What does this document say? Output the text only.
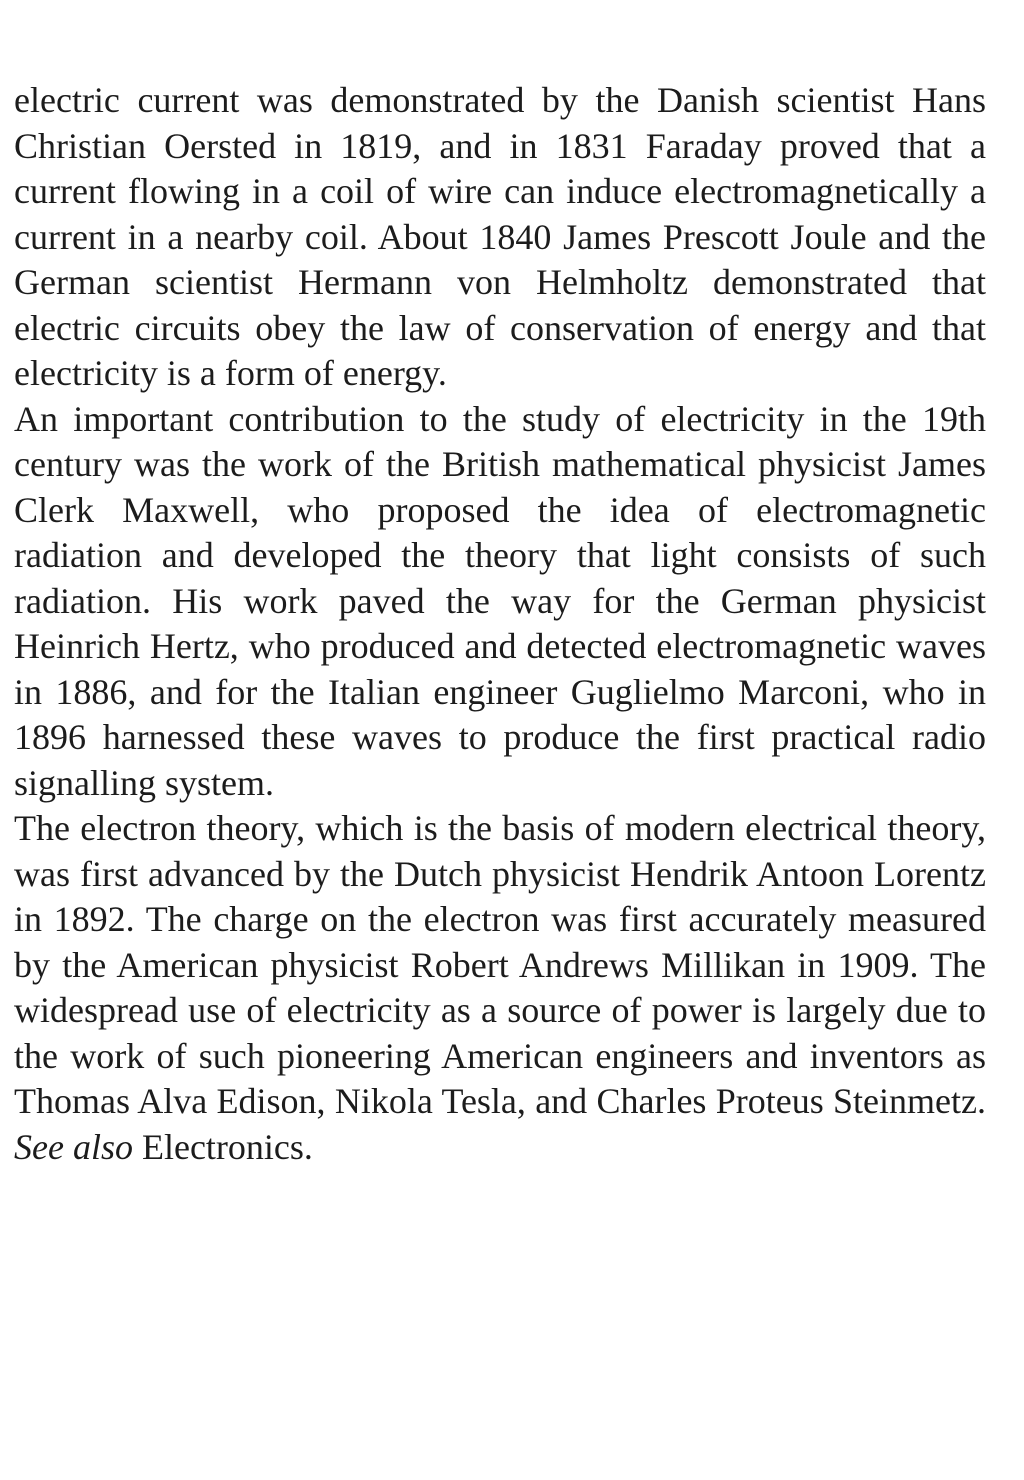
electric current was demonstrated by the Danish scientist Hans Christian Oersted in 1819, and in 1831 Faraday proved that a current flowing in a coil of wire can induce electromagnetically a current in a nearby coil. About 1840 James Prescott Joule and the German scientist Hermann von Helmholtz demonstrated that electric circuits obey the law of conservation of energy and that electricity is a form of energy.

An important contribution to the study of electricity in the 19th century was the work of the British mathematical physicist James Clerk Maxwell, who proposed the idea of electromagnetic radiation and developed the theory that light consists of such radiation. His work paved the way for the German physicist Heinrich Hertz, who produced and detected electromagnetic waves in 1886, and for the Italian engineer Guglielmo Marconi, who in 1896 harnessed these waves to produce the first practical radio signalling system.

The electron theory, which is the basis of modern electrical theory, was first advanced by the Dutch physicist Hendrik Antoon Lorentz in 1892. The charge on the electron was first accurately measured by the American physicist Robert Andrews Millikan in 1909. The widespread use of electricity as a source of power is largely due to the work of such pioneering American engineers and inventors as Thomas Alva Edison, Nikola Tesla, and Charles Proteus Steinmetz. See also Electronics.
